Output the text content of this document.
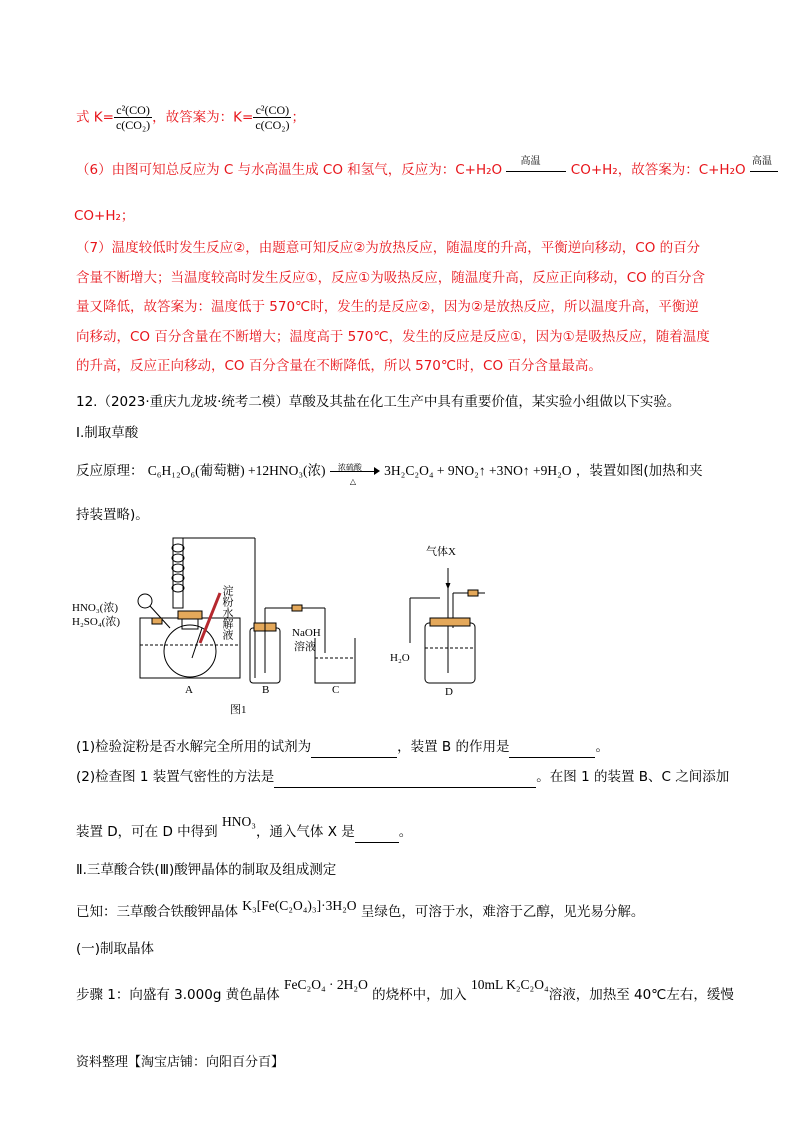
式 $K= \frac{\text{c²(CO)}}{\text{c(CO₂)}}$ ，故答案为：$K= \frac{\text{c²(CO)}}{\text{c(CO₂)}}$ ；
（6）由图可知总反应为 C 与水高温生成 CO 和氢气，反应为：C+H₂O
高温
CO+H₂，故答案为：C+H₂O
高温
CO+H₂；
（7）温度较低时发生反应②，由题意可知反应②为放热反应，随温度的升高，平衡逆向移动，CO 的百分
含量不断增大；当温度较高时发生反应①，反应①为吸热反应，随温度升高，反应正向移动，CO 的百分含
量又降低，故答案为：温度低于 570℃时，发生的是反应②，因为②是放热反应，所以温度升高，平衡逆
向移动，CO 百分含量在不断增大；温度高于 570℃，发生的反应是反应①，因为①是吸热反应，随着温度
的升高，反应正向移动，CO 百分含量在不断降低，所以 570℃时，CO 百分含量最高。
12.（2023·重庆九龙坡·统考二模）草酸及其盐在化工生产中具有重要价值，某实验小组做以下实验。
Ⅰ.制取草酸
反应原理： C₆H₁₂O₆(葡萄糖) +12HNO₃(浓) 浓硫酸
△
3H₂C₂O₄ + 9NO₂↑ +3NO↑ +9H₂O ，装置如图(加热和夹
持装置略)。
HNO₃(浓)
H₂SO₄(浓)	淀粉水解液	NaOH
溶液
气体X
H₂O
A	B	C	D
图1
(1)检验淀粉是否水解完全所用的试剂为	，装置 B 的作用是	。
(2)检查图 1 装置气密性的方法是	。在图 1 的装置 B、C 之间添加
装置 D，可在 D 中得到 HNO₃，通入气体 X 是	。
Ⅱ.三草酸合铁(Ⅲ)酸钾晶体的制取及组成测定
已知：三草酸合铁酸钾晶体 K₃[Fe(C₂O₄)₃]·3H₂O 呈绿色，可溶于水，难溶于乙醇，见光易分解。
(一)制取晶体
步骤 1：向盛有 3.000g 黄色晶体 FeC₂O₄ · 2H₂O 的烧杯中，加入 10mL K₂C₂O₄溶液，加热至 40℃左右，缓慢
资料整理【淘宝店铺：向阳百分百】
